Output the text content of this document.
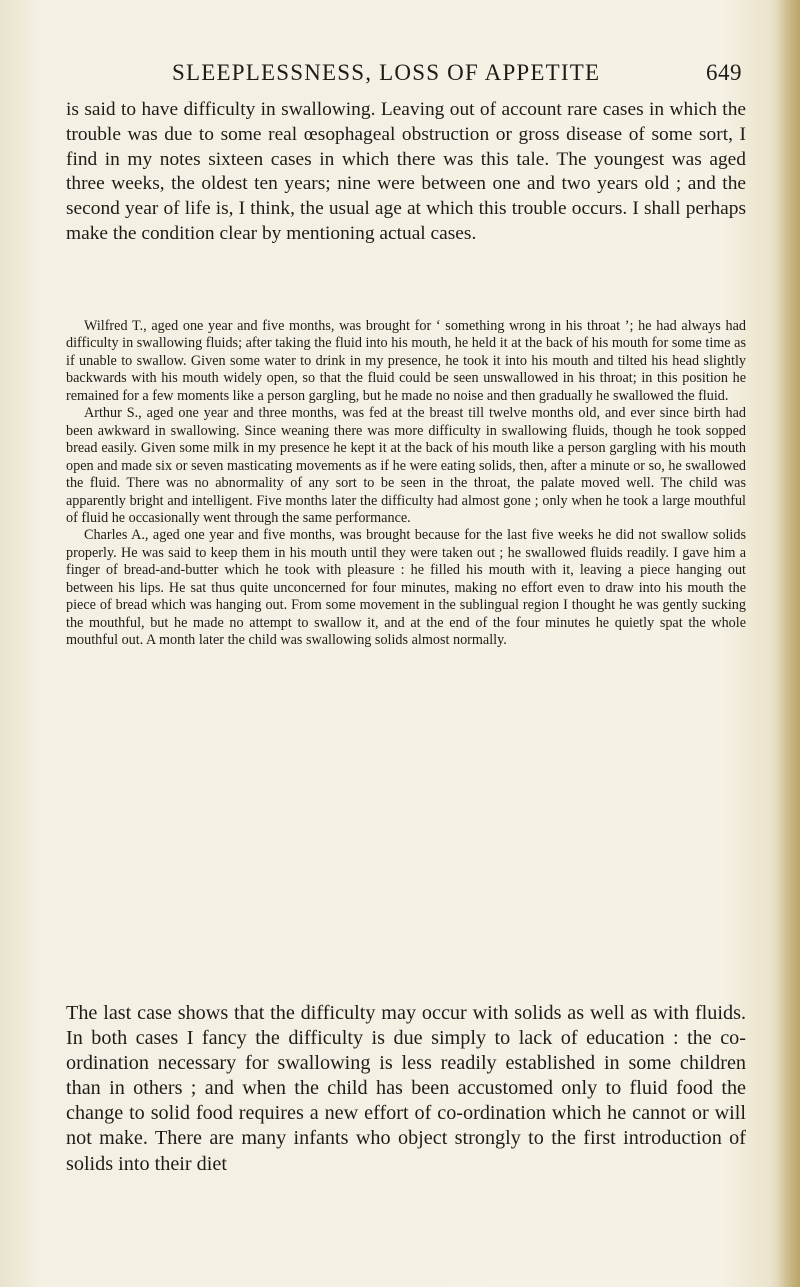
SLEEPLESSNESS, LOSS OF APPETITE	649

is said to have difficulty in swallowing. Leaving out of account rare cases in which the trouble was due to some real œsophageal obstruction or gross disease of some sort, I find in my notes sixteen cases in which there was this tale. The youngest was aged three weeks, the oldest ten years; nine were between one and two years old ; and the second year of life is, I think, the usual age at which this trouble occurs. I shall perhaps make the condition clear by mentioning actual cases.

Wilfred T., aged one year and five months, was brought for ‘ something wrong in his throat ’; he had always had difficulty in swallowing fluids; after taking the fluid into his mouth, he held it at the back of his mouth for some time as if unable to swallow. Given some water to drink in my presence, he took it into his mouth and tilted his head slightly backwards with his mouth widely open, so that the fluid could be seen unswallowed in his throat; in this position he remained for a few moments like a person gargling, but he made no noise and then gradually he swallowed the fluid.

Arthur S., aged one year and three months, was fed at the breast till twelve months old, and ever since birth had been awkward in swallowing. Since weaning there was more difficulty in swallowing fluids, though he took sopped bread easily. Given some milk in my presence he kept it at the back of his mouth like a person gargling with his mouth open and made six or seven masticating movements as if he were eating solids, then, after a minute or so, he swallowed the fluid. There was no abnormality of any sort to be seen in the throat, the palate moved well. The child was apparently bright and intelligent. Five months later the difficulty had almost gone ; only when he took a large mouthful of fluid he occasionally went through the same performance.

Charles A., aged one year and five months, was brought because for the last five weeks he did not swallow solids properly. He was said to keep them in his mouth until they were taken out ; he swallowed fluids readily. I gave him a finger of bread-and-butter which he took with pleasure : he filled his mouth with it, leaving a piece hanging out between his lips. He sat thus quite unconcerned for four minutes, making no effort even to draw into his mouth the piece of bread which was hanging out. From some movement in the sublingual region I thought he was gently sucking the mouthful, but he made no attempt to swallow it, and at the end of the four minutes he quietly spat the whole mouthful out. A month later the child was swallowing solids almost normally.

The last case shows that the difficulty may occur with solids as well as with fluids. In both cases I fancy the difficulty is due simply to lack of education : the co-ordination necessary for swallowing is less readily established in some children than in others ; and when the child has been accustomed only to fluid food the change to solid food requires a new effort of co-ordination which he cannot or will not make. There are many infants who object strongly to the first introduction of solids into their diet
